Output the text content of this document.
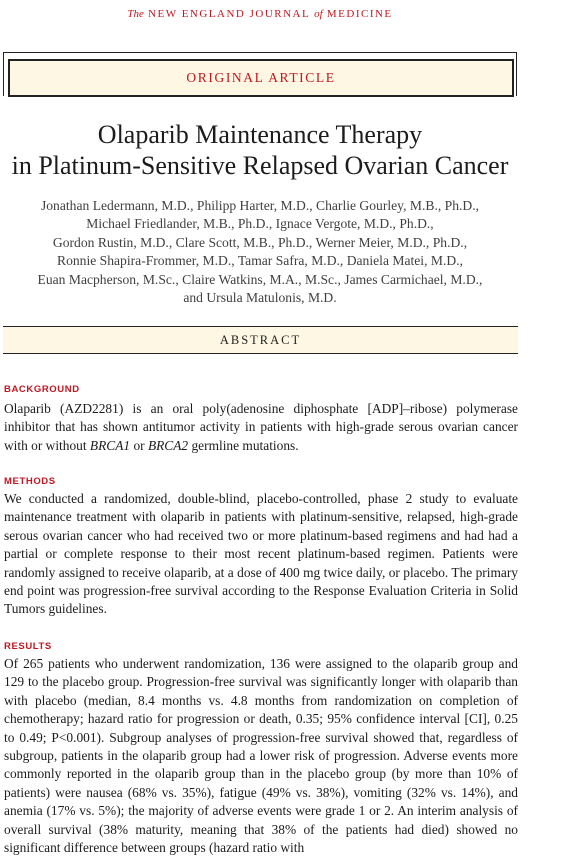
The NEW ENGLAND JOURNAL of MEDICINE
ORIGINAL ARTICLE
Olaparib Maintenance Therapy
in Platinum-Sensitive Relapsed Ovarian Cancer
Jonathan Ledermann, M.D., Philipp Harter, M.D., Charlie Gourley, M.B., Ph.D.,
Michael Friedlander, M.B., Ph.D., Ignace Vergote, M.D., Ph.D.,
Gordon Rustin, M.D., Clare Scott, M.B., Ph.D., Werner Meier, M.D., Ph.D.,
Ronnie Shapira-Frommer, M.D., Tamar Safra, M.D., Daniela Matei, M.D.,
Euan Macpherson, M.Sc., Claire Watkins, M.A., M.Sc., James Carmichael, M.D.,
and Ursula Matulonis, M.D.
ABSTRACT
BACKGROUND
Olaparib (AZD2281) is an oral poly(adenosine diphosphate [ADP]–ribose) polymerase inhibitor that has shown antitumor activity in patients with high-grade serous ovarian cancer with or without BRCA1 or BRCA2 germline mutations.
METHODS
We conducted a randomized, double-blind, placebo-controlled, phase 2 study to evaluate maintenance treatment with olaparib in patients with platinum-sensitive, relapsed, high-grade serous ovarian cancer who had received two or more platinum-based regimens and had had a partial or complete response to their most recent platinum-based regimen. Patients were randomly assigned to receive olaparib, at a dose of 400 mg twice daily, or placebo. The primary end point was progression-free survival according to the Response Evaluation Criteria in Solid Tumors guidelines.
RESULTS
Of 265 patients who underwent randomization, 136 were assigned to the olaparib group and 129 to the placebo group. Progression-free survival was significantly longer with olaparib than with placebo (median, 8.4 months vs. 4.8 months from randomization on completion of chemotherapy; hazard ratio for progression or death, 0.35; 95% confidence interval [CI], 0.25 to 0.49; P<0.001). Subgroup analyses of progression-free survival showed that, regardless of subgroup, patients in the olaparib group had a lower risk of progression. Adverse events more commonly reported in the olaparib group than in the placebo group (by more than 10% of patients) were nausea (68% vs. 35%), fatigue (49% vs. 38%), vomiting (32% vs. 14%), and anemia (17% vs. 5%); the majority of adverse events were grade 1 or 2. An interim analysis of overall survival (38% maturity, meaning that 38% of the patients had died) showed no significant difference between groups (hazard ratio with
